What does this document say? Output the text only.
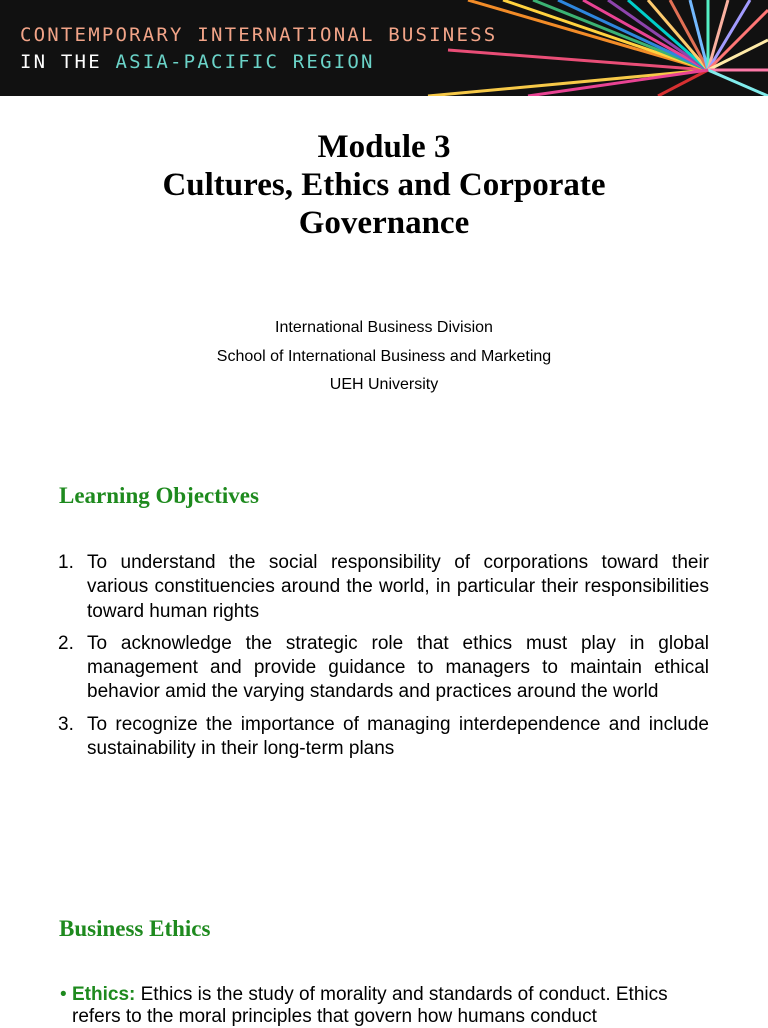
CONTEMPORARY INTERNATIONAL BUSINESS
IN THE ASIA-PACIFIC REGION
Module 3
Cultures, Ethics and Corporate
Governance
International Business Division
School of International Business and Marketing
UEH University
Learning Objectives
1. To understand the social responsibility of corporations toward their various constituencies around the world, in particular their responsibilities toward human rights
2. To acknowledge the strategic role that ethics must play in global management and provide guidance to managers to maintain ethical behavior amid the varying standards and practices around the world
3. To recognize the importance of managing interdependence and include sustainability in their long-term plans
Business Ethics
• Ethics: Ethics is the study of morality and standards of conduct. Ethics refers to the moral principles that govern how humans conduct
